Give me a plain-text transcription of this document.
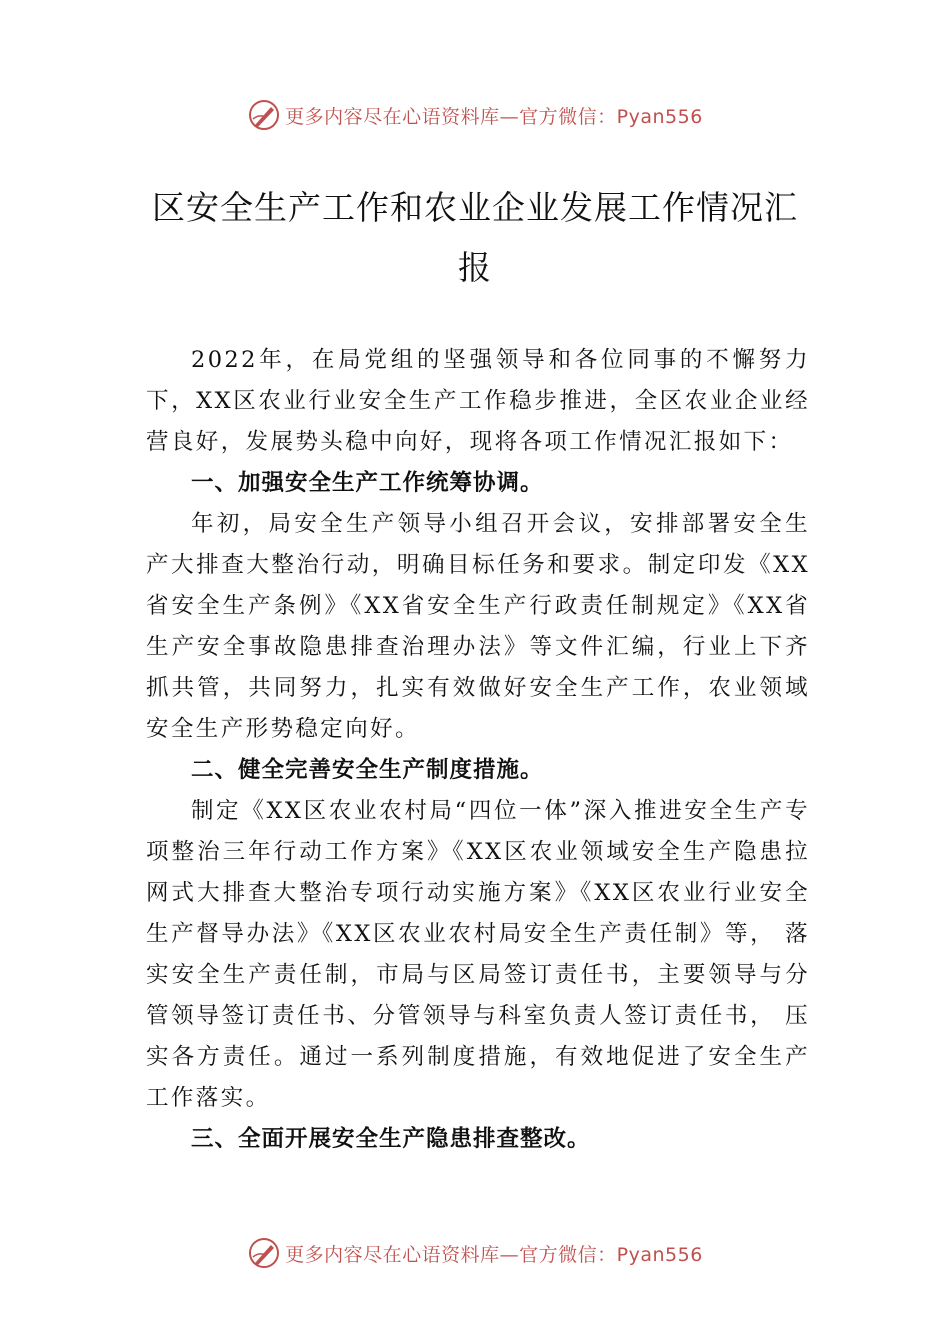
更多内容尽在心语资料库—官方微信：Pyan556
区安全生产工作和农业企业发展工作情况汇报

2022年，在局党组的坚强领导和各位同事的不懈努力下，XX区农业行业安全生产工作稳步推进，全区农业企业经营良好，发展势头稳中向好，现将各项工作情况汇报如下：

一、加强安全生产工作统筹协调。

年初，局安全生产领导小组召开会议，安排部署安全生产大排查大整治行动，明确目标任务和要求。制定印发《XX省安全生产条例》《XX省安全生产行政责任制规定》《XX省生产安全事故隐患排查治理办法》等文件汇编，行业上下齐抓共管，共同努力，扎实有效做好安全生产工作，农业领域安全生产形势稳定向好。

二、健全完善安全生产制度措施。

制定《XX区农业农村局“四位一体”深入推进安全生产专项整治三年行动工作方案》《XX区农业领域安全生产隐患拉网式大排查大整治专项行动实施方案》《XX区农业行业安全生产督导办法》《XX区农业农村局安全生产责任制》等， 落实安全生产责任制，市局与区局签订责任书，主要领导与分管领导签订责任书、分管领导与科室负责人签订责任书， 压实各方责任。通过一系列制度措施，有效地促进了安全生产工作落实。

三、全面开展安全生产隐患排查整改。
更多内容尽在心语资料库—官方微信：Pyan556
